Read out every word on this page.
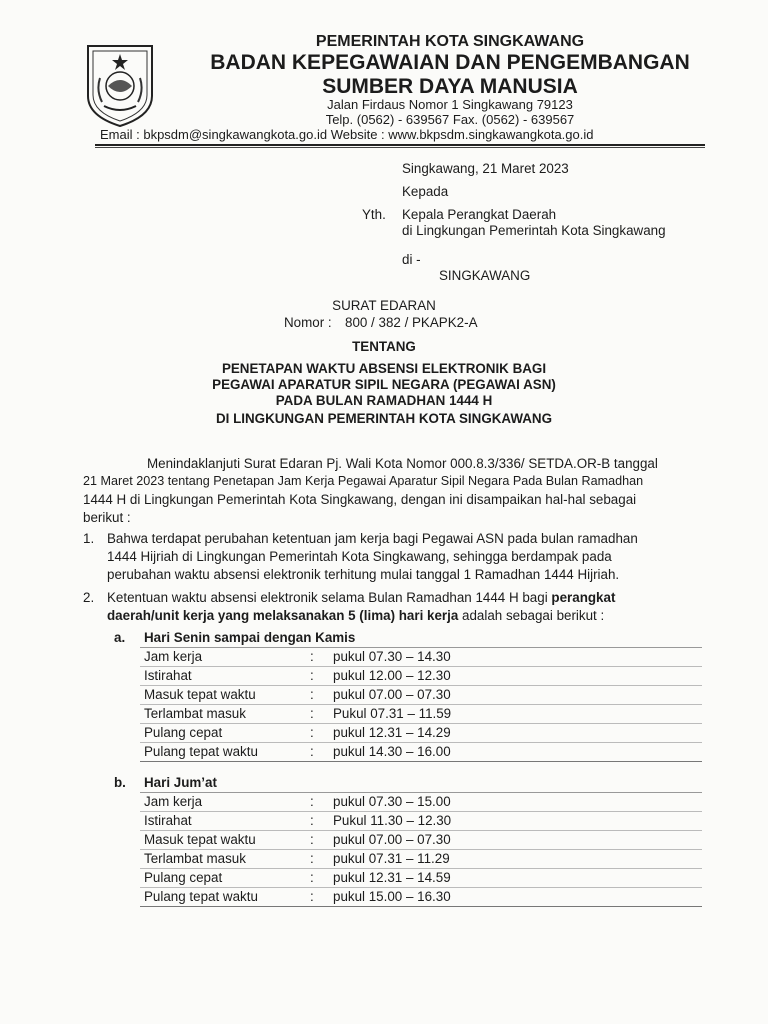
PEMERINTAH KOTA SINGKAWANG
BADAN KEPEGAWAIAN DAN PENGEMBANGAN
SUMBER DAYA MANUSIA
Jalan Firdaus Nomor 1 Singkawang 79123
Telp. (0562) - 639567 Fax. (0562) - 639567
Email : bkpsdm@singkawangkota.go.id Website : www.bkpsdm.singkawangkota.go.id
Singkawang, 21 Maret 2023
Kepada
Yth. Kepala Perangkat Daerah
di Lingkungan Pemerintah Kota Singkawang
di -
SINGKAWANG
SURAT EDARAN
Nomor : 800 / 382 / PKAPK2-A
TENTANG
PENETAPAN WAKTU ABSENSI ELEKTRONIK BAGI
PEGAWAI APARATUR SIPIL NEGARA (PEGAWAI ASN)
PADA BULAN RAMADHAN 1444 H
DI LINGKUNGAN PEMERINTAH KOTA SINGKAWANG
Menindaklanjuti Surat Edaran Pj. Wali Kota Nomor 000.8.3/336/ SETDA.OR-B tanggal
21 Maret 2023 tentang Penetapan Jam Kerja Pegawai Aparatur Sipil Negara Pada Bulan Ramadhan
1444 H di Lingkungan Pemerintah Kota Singkawang, dengan ini disampaikan hal-hal sebagai
berikut :
1. Bahwa terdapat perubahan ketentuan jam kerja bagi Pegawai ASN pada bulan ramadhan
1444 Hijriah di Lingkungan Pemerintah Kota Singkawang, sehingga berdampak pada
perubahan waktu absensi elektronik terhitung mulai tanggal 1 Ramadhan 1444 Hijriah.
2. Ketentuan waktu absensi elektronik selama Bulan Ramadhan 1444 H bagi perangkat
daerah/unit kerja yang melaksanakan 5 (lima) hari kerja adalah sebagai berikut :
a. Hari Senin sampai dengan Kamis
Jam kerja	: pukul 07.30 – 14.30
Istirahat	: pukul 12.00 – 12.30
Masuk tepat waktu	: pukul 07.00 – 07.30
Terlambat masuk	: Pukul 07.31 – 11.59
Pulang cepat	: pukul 12.31 – 14.29
Pulang tepat waktu	: pukul 14.30 – 16.00
b. Hari Jum’at
Jam kerja	: pukul 07.30 – 15.00
Istirahat	: Pukul 11.30 – 12.30
Masuk tepat waktu	: pukul 07.00 – 07.30
Terlambat masuk	: pukul 07.31 – 11.29
Pulang cepat	: pukul 12.31 – 14.59
Pulang tepat waktu	: pukul 15.00 – 16.30
